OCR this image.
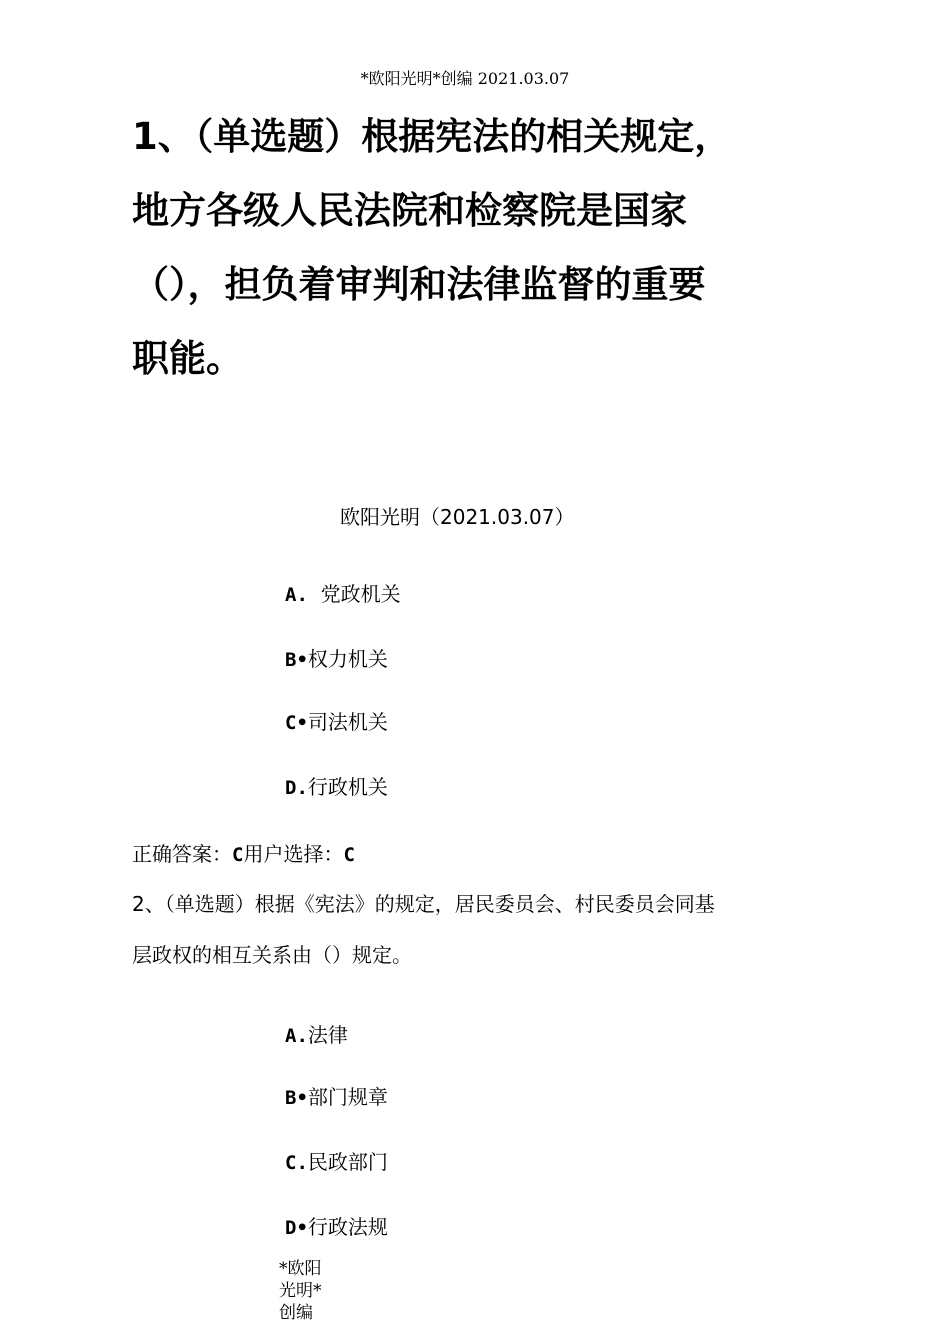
*欧阳光明*创编 2021.03.07
1、（单选题）根据宪法的相关规定，
地方各级人民法院和检察院是国家
（），担负着审判和法律监督的重要
职能。
欧阳光明（2021.03.07）
A.  党政机关
B•权力机关
C•司法机关
D.行政机关
正确答案：C用户选择：C
2、（单选题）根据《宪法》的规定，居民委员会、村民委员会同基
层政权的相互关系由（）规定。
A.法律
B•部门规章
C.民政部门
D•行政法规
*欧阳光明*创编
